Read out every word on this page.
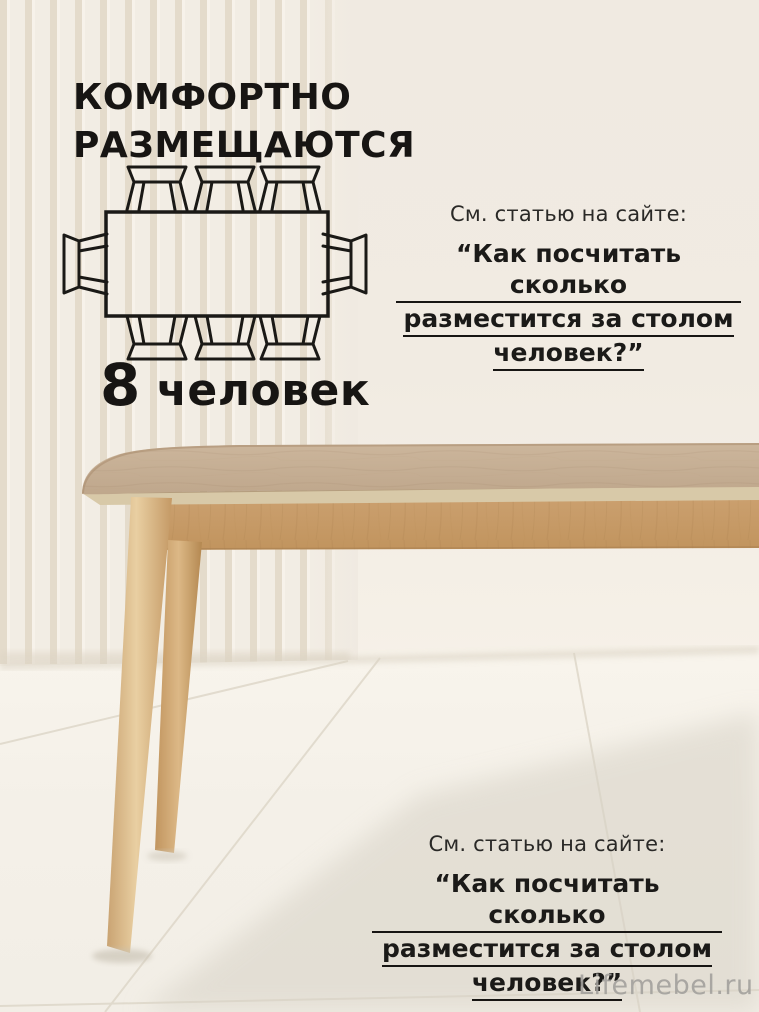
КОМФОРТНО
РАЗМЕЩАЮТСЯ
8 человек
См. статью на сайте:
“Как посчитать сколько
разместится за столом
человек?”
См. статью на сайте:
“Как посчитать сколько
разместится за столом
человек?”
Lifemebel.ru
